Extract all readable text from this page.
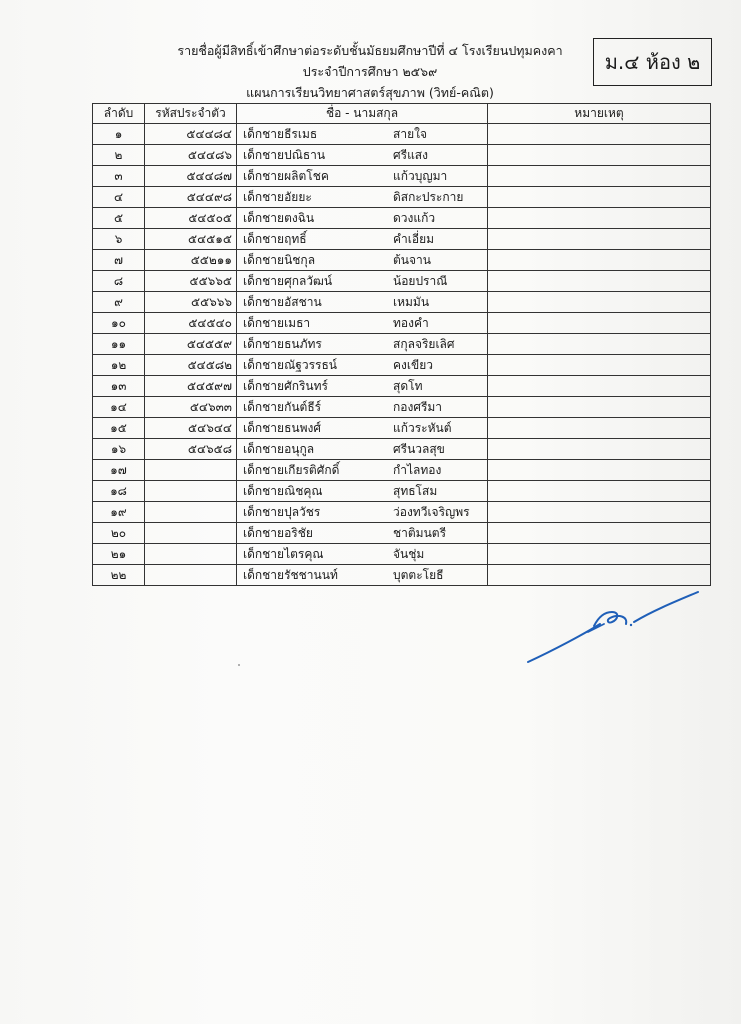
รายชื่อผู้มีสิทธิ์เข้าศึกษาต่อระดับชั้นมัธยมศึกษาปีที่ ๔ โรงเรียนปทุมคงคา
ประจำปีการศึกษา ๒๕๖๙
แผนการเรียนวิทยาศาสตร์สุขภาพ (วิทย์-คณิต)
ม.๔ ห้อง ๒
ลำดับ	รหัสประจำตัว	ชื่อ - นามสกุล	หมายเหตุ
๑	๕๔๔๘๔	เด็กชายธีรเมธ สายใจ	
๒	๕๔๔๘๖	เด็กชายปณิธาน ศรีแสง	
๓	๕๔๔๘๗	เด็กชายผลิตโชค แก้วบุญมา	
๔	๕๔๔๙๘	เด็กชายอัยยะ ดิสกะประกาย	
๕	๕๔๕๐๕	เด็กชายตงฉิน ดวงแก้ว	
๖	๕๔๕๑๕	เด็กชายฤทธิ์ คำเอี่ยม	
๗	๕๕๒๑๑	เด็กชายนิชกุล ต้นจาน	
๘	๕๕๖๖๕	เด็กชายศุกลวัฒน์ น้อยปราณี	
๙	๕๕๖๖๖	เด็กชายอัสชาน เหมมัน	
๑๐	๕๔๕๔๐	เด็กชายเมธา ทองคำ	
๑๑	๕๔๕๕๙	เด็กชายธนภัทร สกุลจริยเลิศ	
๑๒	๕๔๕๘๒	เด็กชายณัฐวรรธน์ คงเขียว	
๑๓	๕๔๕๙๗	เด็กชายศักรินทร์ สุดโท	
๑๔	๕๔๖๓๓	เด็กชายกันต์ธีร์ กองศรีมา	
๑๕	๕๔๖๔๔	เด็กชายธนพงศ์ แก้วระหันต์	
๑๖	๕๔๖๕๘	เด็กชายอนุกูล ศรีนวลสุข	
๑๗		เด็กชายเกียรติศักดิ์ กำไลทอง	
๑๘		เด็กชายณิชคุณ สุทธโสม	
๑๙		เด็กชายปุลวัชร ว่องทวีเจริญพร	
๒๐		เด็กชายอริชัย ชาติมนตรี	
๒๑		เด็กชายไตรคุณ จันชุ่ม	
๒๒		เด็กชายรัชชานนท์ บุตตะโยธี	
